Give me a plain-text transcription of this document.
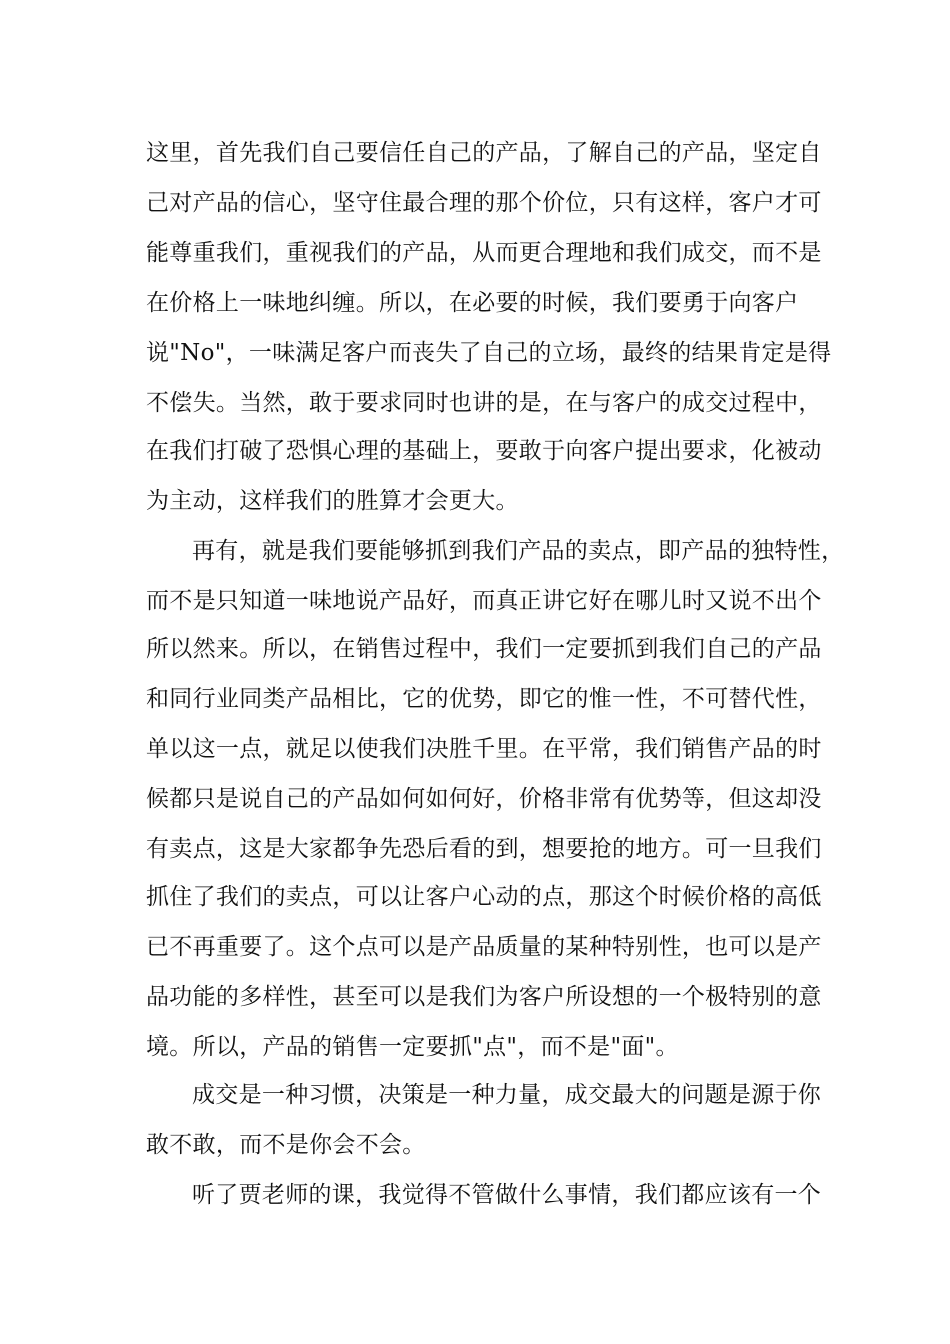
这里，首先我们自己要信任自己的产品，了解自己的产品，坚定自
己对产品的信心，坚守住最合理的那个价位，只有这样，客户才可
能尊重我们，重视我们的产品，从而更合理地和我们成交，而不是
在价格上一味地纠缠。所以，在必要的时候，我们要勇于向客户
说"No"，一味满足客户而丧失了自己的立场，最终的结果肯定是得
不偿失。当然，敢于要求同时也讲的是，在与客户的成交过程中，
在我们打破了恐惧心理的基础上，要敢于向客户提出要求，化被动
为主动，这样我们的胜算才会更大。
再有，就是我们要能够抓到我们产品的卖点，即产品的独特性，
而不是只知道一味地说产品好，而真正讲它好在哪儿时又说不出个
所以然来。所以，在销售过程中，我们一定要抓到我们自己的产品
和同行业同类产品相比，它的优势，即它的惟一性，不可替代性，
单以这一点，就足以使我们决胜千里。在平常，我们销售产品的时
候都只是说自己的产品如何如何好，价格非常有优势等，但这却没
有卖点，这是大家都争先恐后看的到，想要抢的地方。可一旦我们
抓住了我们的卖点，可以让客户心动的点，那这个时候价格的高低
已不再重要了。这个点可以是产品质量的某种特别性，也可以是产
品功能的多样性，甚至可以是我们为客户所设想的一个极特别的意
境。所以，产品的销售一定要抓"点"，而不是"面"。
成交是一种习惯，决策是一种力量，成交最大的问题是源于你
敢不敢，而不是你会不会。
听了贾老师的课，我觉得不管做什么事情，我们都应该有一个
